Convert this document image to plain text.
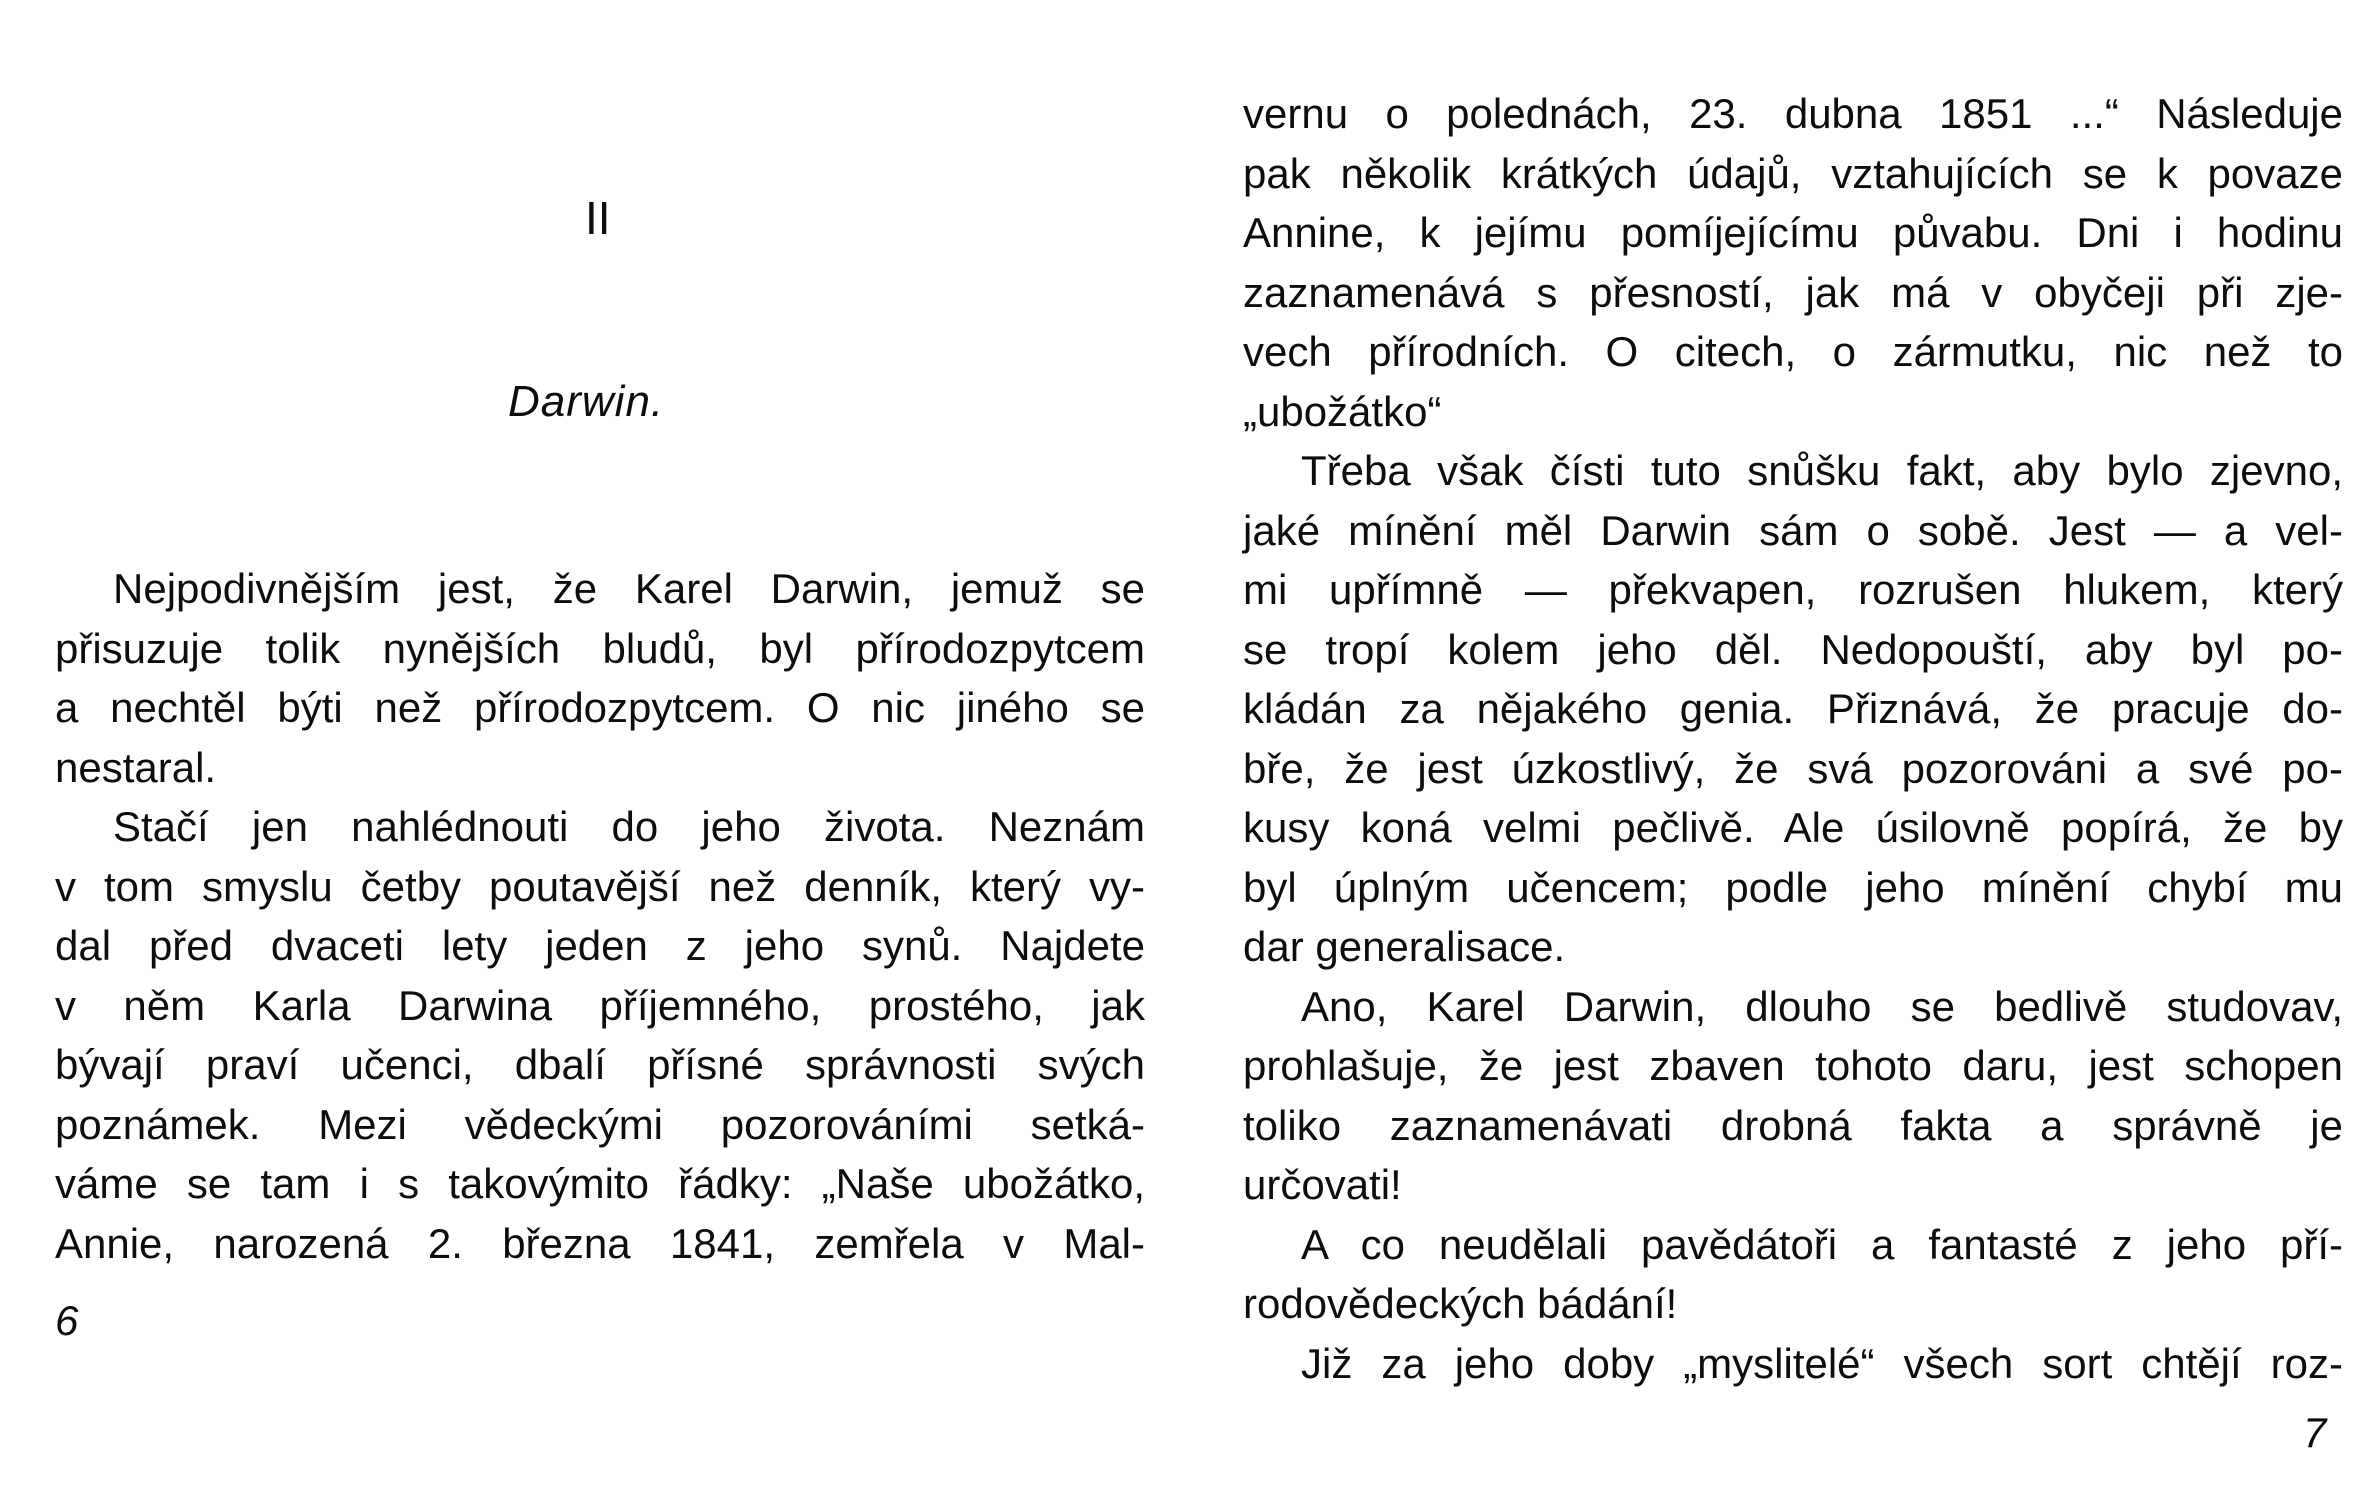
II
Darwin.
Nejpodivnějším jest, že Karel Darwin, jemuž se
přisuzuje tolik nynějších bludů, byl přírodozpytcem
a nechtěl býti než přírodozpytcem. O nic jiného se
nestaral.
Stačí jen nahlédnouti do jeho života. Neznám
v tom smyslu četby poutavější než denník, který vy-
dal před dvaceti lety jeden z jeho synů. Najdete
v něm Karla Darwina příjemného, prostého, jak
bývají praví učenci, dbalí přísné správnosti svých
poznámek. Mezi vědeckými pozorováními setká-
váme se tam i s takovýmito řádky: „Naše ubožátko,
Annie, narozená 2. března 1841, zemřela v Mal-
6
vernu o polednách, 23. dubna 1851 ...“ Následuje
pak několik krátkých údajů, vztahujících se k povaze
Annine, k jejímu pomíjejícímu půvabu. Dni i hodinu
zaznamenává s přesností, jak má v obyčeji při zje-
vech přírodních. O citech, o zármutku, nic než to
„ubožátko“
Třeba však čísti tuto snůšku fakt, aby bylo zjevno,
jaké mínění měl Darwin sám o sobě. Jest — a vel-
mi upřímně — překvapen, rozrušen hlukem, který
se tropí kolem jeho děl. Nedopouští, aby byl po-
kládán za nějakého genia. Přiznává, že pracuje do-
bře, že jest úzkostlivý, že svá pozorováni a své po-
kusy koná velmi pečlivě. Ale úsilovně popírá, že by
byl úplným učencem; podle jeho mínění chybí mu
dar generalisace.
Ano, Karel Darwin, dlouho se bedlivě studovav,
prohlašuje, že jest zbaven tohoto daru, jest schopen
toliko zaznamenávati drobná fakta a správně je
určovati!
A co neudělali pavědátoři a fantasté z jeho pří-
rodovědeckých bádání!
Již za jeho doby „myslitelé“ všech sort chtějí roz-
7
